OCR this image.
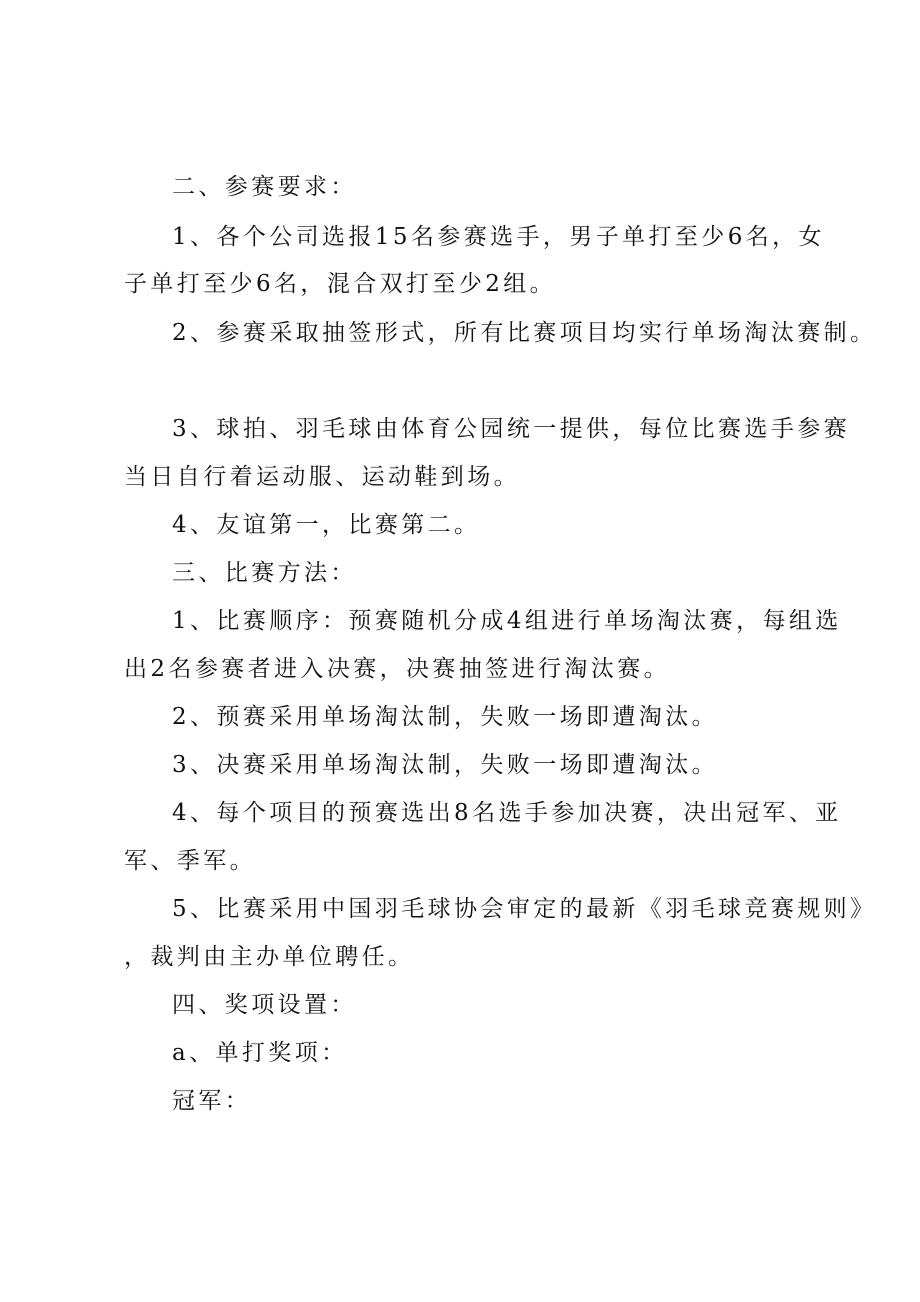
二、参赛要求：
1、各个公司选报15名参赛选手，男子单打至少6名，女
子单打至少6名，混合双打至少2组。
2、参赛采取抽签形式，所有比赛项目均实行单场淘汰赛制。
3、球拍、羽毛球由体育公园统一提供，每位比赛选手参赛
当日自行着运动服、运动鞋到场。
4、友谊第一，比赛第二。
三、比赛方法：
1、比赛顺序：预赛随机分成4组进行单场淘汰赛，每组选
出2名参赛者进入决赛，决赛抽签进行淘汰赛。
2、预赛采用单场淘汰制，失败一场即遭淘汰。
3、决赛采用单场淘汰制，失败一场即遭淘汰。
4、每个项目的预赛选出8名选手参加决赛，决出冠军、亚
军、季军。
5、比赛采用中国羽毛球协会审定的最新《羽毛球竞赛规则》
，裁判由主办单位聘任。
四、奖项设置：
a、单打奖项：
冠军：
